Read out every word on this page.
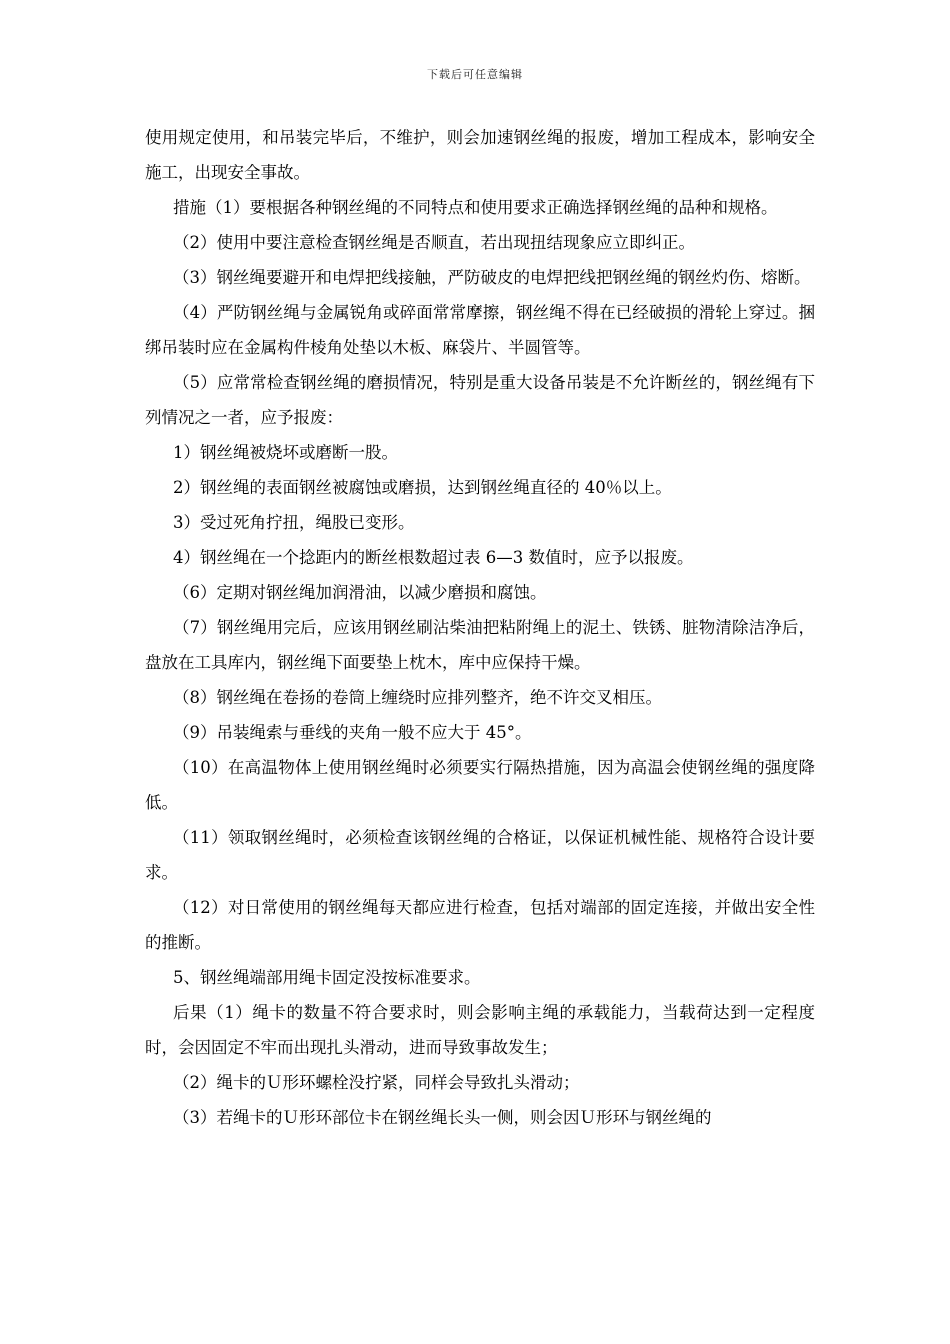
下载后可任意编辑

使用规定使用，和吊装完毕后，不维护，则会加速钢丝绳的报废，增加工程成本，影响安全施工，出现安全事故。

措施（1）要根据各种钢丝绳的不同特点和使用要求正确选择钢丝绳的品种和规格。

（2）使用中要注意检查钢丝绳是否顺直，若出现扭结现象应立即纠正。

（3）钢丝绳要避开和电焊把线接触，严防破皮的电焊把线把钢丝绳的钢丝灼伤、熔断。

（4）严防钢丝绳与金属锐角或碎面常常摩擦，钢丝绳不得在已经破损的滑轮上穿过。捆绑吊装时应在金属构件棱角处垫以木板、麻袋片、半圆管等。

（5）应常常检查钢丝绳的磨损情况，特别是重大设备吊装是不允许断丝的，钢丝绳有下列情况之一者，应予报废：

1）钢丝绳被烧坏或磨断一股。

2）钢丝绳的表面钢丝被腐蚀或磨损，达到钢丝绳直径的 40％以上。

3）受过死角拧扭，绳股已变形。

4）钢丝绳在一个捻距内的断丝根数超过表 6—3 数值时，应予以报废。

（6）定期对钢丝绳加润滑油，以减少磨损和腐蚀。

（7）钢丝绳用完后，应该用钢丝刷沾柴油把粘附绳上的泥土、铁锈、脏物清除洁净后，盘放在工具库内，钢丝绳下面要垫上枕木，库中应保持干燥。

（8）钢丝绳在卷扬的卷筒上缠绕时应排列整齐，绝不许交叉相压。

（9）吊装绳索与垂线的夹角一般不应大于 45°。

（10）在高温物体上使用钢丝绳时必须要实行隔热措施，因为高温会使钢丝绳的强度降低。

（11）领取钢丝绳时，必须检查该钢丝绳的合格证，以保证机械性能、规格符合设计要求。

（12）对日常使用的钢丝绳每天都应进行检查，包括对端部的固定连接，并做出安全性的推断。

5、钢丝绳端部用绳卡固定没按标准要求。

后果（1）绳卡的数量不符合要求时，则会影响主绳的承载能力，当载荷达到一定程度时，会因固定不牢而出现扎头滑动，进而导致事故发生；

（2）绳卡的Ｕ形环螺栓没拧紧，同样会导致扎头滑动；

（3）若绳卡的Ｕ形环部位卡在钢丝绳长头一侧，则会因Ｕ形环与钢丝绳的
